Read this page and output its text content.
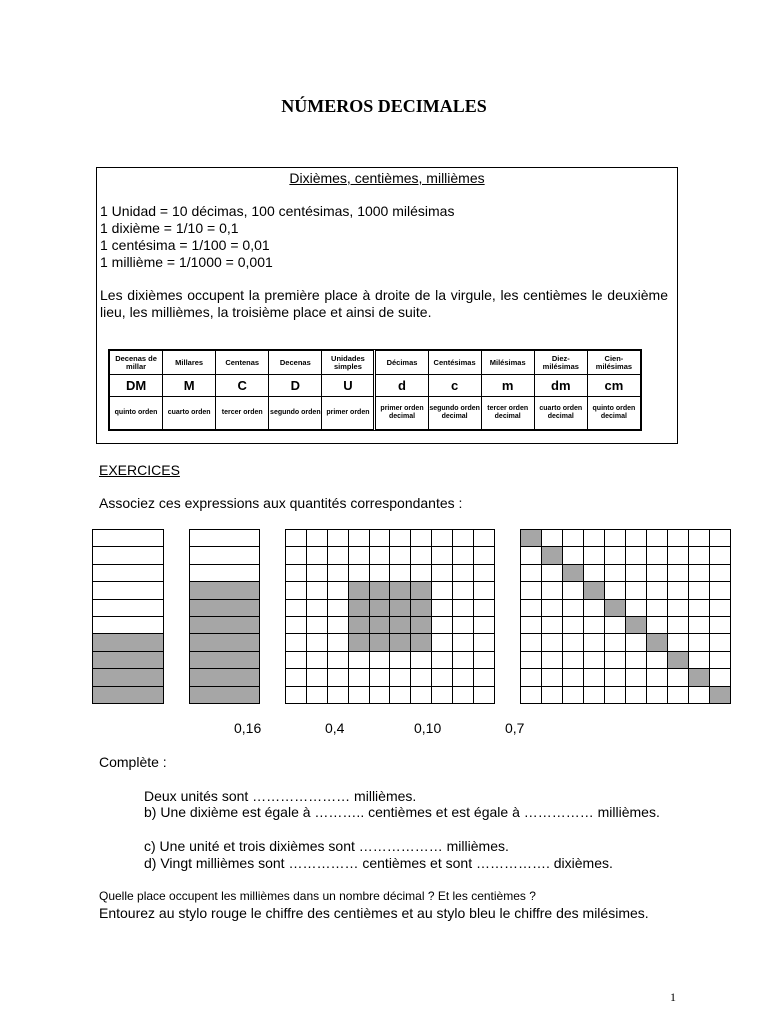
NÚMEROS DECIMALES
Dixièmes, centièmes, millièmes
1 Unidad = 10 décimas, 100 centésimas, 1000 milésimas
1 dixième = 1/10 = 0,1
1 centésima = 1/100 = 0,01
1 millième = 1/1000 = 0,001
Les dixièmes occupent la première place à droite de la virgule, les centièmes le deuxième lieu, les millièmes, la troisième place et ainsi de suite.
Decenas de millar	Millares	Centenas	Decenas	Unidades simples	Décimas	Centésimas	Milésimas	Diez-milésimas	Cien-milésimas
DM	M	C	D	U	d	c	m	dm	cm
quinto orden	cuarto orden	tercer orden	segundo orden	primer orden	primer orden decimal	segundo orden decimal	tercer orden decimal	cuarto orden decimal	quinto orden decimal
EXERCICES
Associez ces expressions aux quantités correspondantes :
0,16	0,4	0,10	0,7
Complète :
Deux unités sont ………………… millièmes.
b) Une dixième est égale à ……….. centièmes et est égale à …………… millièmes.
c) Une unité et trois dixièmes sont ……………… millièmes.
d) Vingt millièmes sont …………… centièmes et sont ……………. dixièmes.
Quelle place occupent les millièmes dans un nombre décimal ? Et les centièmes ?
Entourez au stylo rouge le chiffre des centièmes et au stylo bleu le chiffre des milésimes.
1
